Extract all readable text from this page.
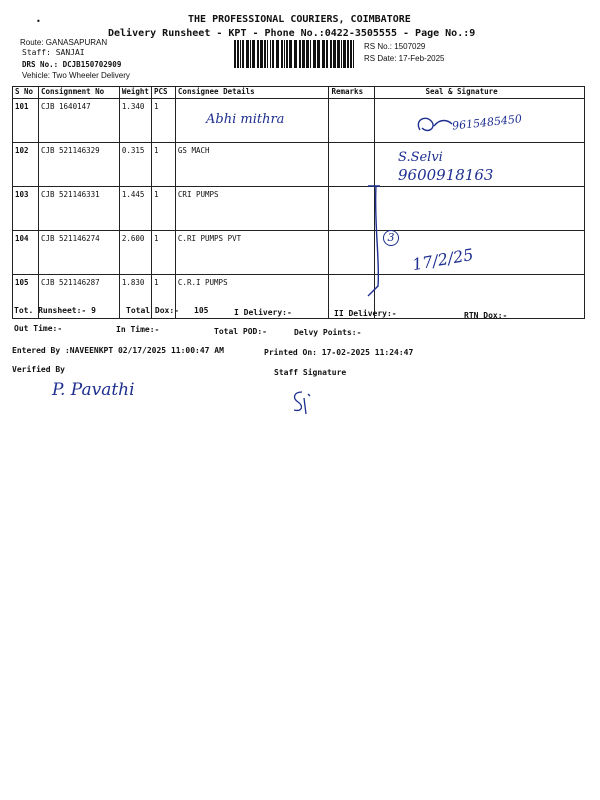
THE PROFESSIONAL COURIERS, COIMBATORE
Delivery Runsheet - KPT - Phone No.:0422-3505555 - Page No.:9
•
Route: GANASAPURAN
Staff: SANJAI
DRS No.: DCJB150702909
Vehicle: Two Wheeler Delivery
RS No.: 1507029
RS Date: 17-Feb-2025
S No	Consignment No	Weight	PCS	Consignee Details	Remarks	Seal & Signature
101	CJB 1640147	1.340	1			
102	CJB 521146329	0.315	1	GS MACH		
103	CJB 521146331	1.445	1	CRI PUMPS		
104	CJB 521146274	2.600	1	C.RI PUMPS PVT		
105	CJB 521146287	1.830	1	C.R.I PUMPS		
Abhi mithra	9615485450
S.Selvi
9600918163
3
17/2/25
Tot. Runsheet:- 9	Total Dox:- 105	I Delivery:-	II Delivery:-	RTN Dox:-
Out Time:-	In Time:-	Total POD:-	Delvy Points:-
Entered By :NAVEENKPT 02/17/2025 11:00:47 AM	Printed On: 17-02-2025 11:24:47
Verified By	Staff Signature
P. Pavathi
